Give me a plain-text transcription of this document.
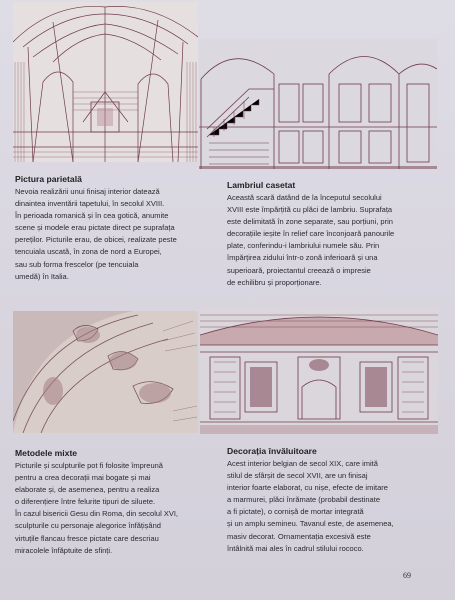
Pictura parietală
Nevoia realizării unui finisaj interior datează
dinaintea inventării tapetului, în secolul XVIII.
În perioada romanică și în cea gotică, anumite
scene și modele erau pictate direct pe suprafața
pereților. Picturile erau, de obicei, realizate peste
tencuiala uscată, în zona de nord a Europei,
sau sub forma frescelor (pe tencuiala
umedă) în Italia.
Lambriul casetat
Această scară datând de la începutul secolului
XVIII este împărțită cu plăci de lambriu. Suprafața
este delimitată în zone separate, sau porțiuni, prin
decorațiile ieșite în relief care înconjoară panourile
plate, conferindu-i lambriului numele său. Prin
împărțirea zidului într-o zonă inferioară și una
superioară, proiectantul creează o impresie
de echilibru și proporționare.
Metodele mixte
Picturile și sculpturile pot fi folosite împreună
pentru a crea decorații mai bogate și mai
elaborate și, de asemenea, pentru a realiza
o diferențiere între felurite tipuri de siluete.
În cazul bisericii Gesu din Roma, din secolul XVI,
sculpturile cu personaje alegorice înfățișând
virtuțile flancau fresce pictate care descriau
miracolele înfăptuite de sfinți.
Decorația învăluitoare
Acest interior belgian de secol XIX, care imită
stilul de sfârșit de secol XVII, are un finisaj
interior foarte elaborat, cu nișe, efecte de imitare
a marmurei, plăci înrămate (probabil destinate
a fi pictate), o cornișă de mortar integrată
și un amplu semineu. Tavanul este, de asemenea,
masiv decorat. Ornamentația excesivă este
întâlnită mai ales în cadrul stilului rococo.
69
